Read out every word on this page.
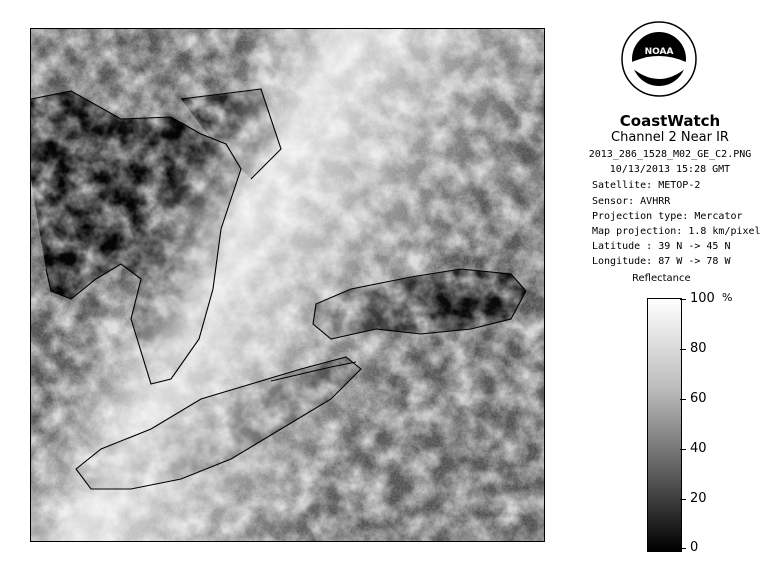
NOAA
CoastWatch
Channel 2 Near IR
2013_286_1528_M02_GE_C2.PNG
10/13/2013 15:28 GMT
Satellite: METOP-2
Sensor: AVHRR
Projection type: Mercator
Map projection: 1.8 km/pixel
Latitude : 39 N -> 45 N
Longitude: 87 W -> 78 W
Reflectance
%
100
80
60
40
20
0
